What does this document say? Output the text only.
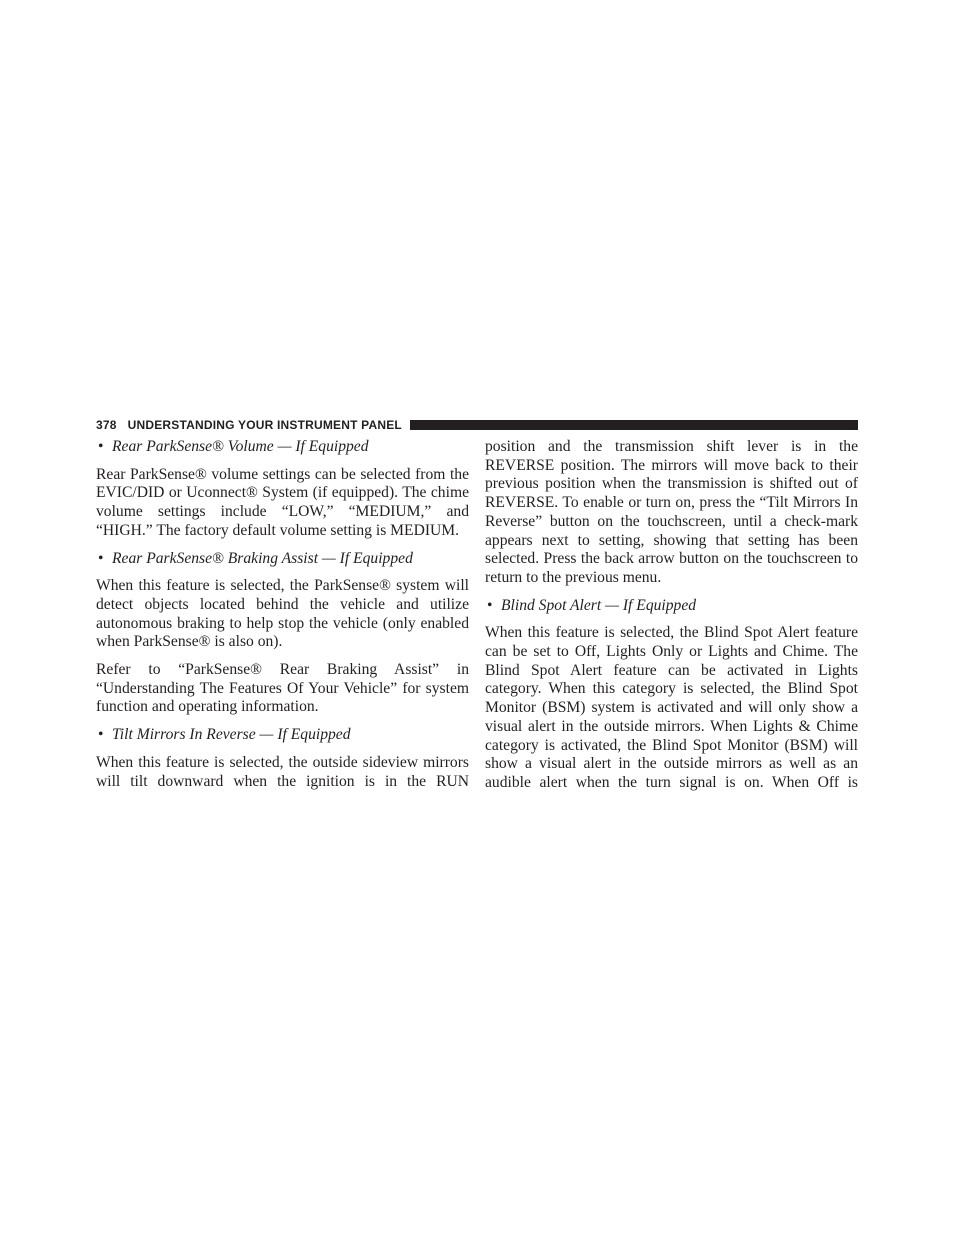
378 UNDERSTANDING YOUR INSTRUMENT PANEL
• Rear ParkSense® Volume — If Equipped

Rear ParkSense® volume settings can be selected from the EVIC/DID or Uconnect® System (if equipped). The chime volume settings include “LOW,” “MEDIUM,” and “HIGH.” The factory default volume setting is MEDIUM.

• Rear ParkSense® Braking Assist — If Equipped

When this feature is selected, the ParkSense® system will detect objects located behind the vehicle and utilize autonomous braking to help stop the vehicle (only enabled when ParkSense® is also on).

Refer to “ParkSense® Rear Braking Assist” in “Understanding The Features Of Your Vehicle” for system function and operating information.

• Tilt Mirrors In Reverse — If Equipped

When this feature is selected, the outside sideview mirrors will tilt downward when the ignition is in the RUN

position and the transmission shift lever is in the REVERSE position. The mirrors will move back to their previous position when the transmission is shifted out of REVERSE. To enable or turn on, press the “Tilt Mirrors In Reverse” button on the touchscreen, until a check-mark appears next to setting, showing that setting has been selected. Press the back arrow button on the touchscreen to return to the previous menu.

• Blind Spot Alert — If Equipped

When this feature is selected, the Blind Spot Alert feature can be set to Off, Lights Only or Lights and Chime. The Blind Spot Alert feature can be activated in Lights category. When this category is selected, the Blind Spot Monitor (BSM) system is activated and will only show a visual alert in the outside mirrors. When Lights & Chime category is activated, the Blind Spot Monitor (BSM) will show a visual alert in the outside mirrors as well as an audible alert when the turn signal is on. When Off is
